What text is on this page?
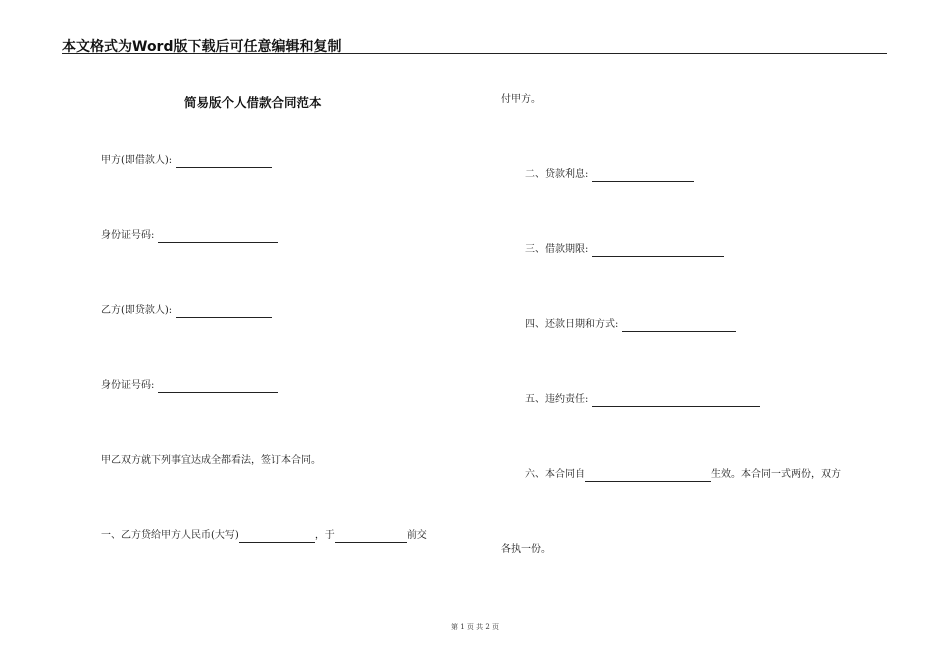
本文格式为Word版下载后可任意编辑和复制
简易版个人借款合同范本
甲方(即借款人):
身份证号码:
乙方(即贷款人):
身份证号码:
甲乙双方就下列事宜达成全都看法，签订本合同。
一、乙方贷给甲方人民币(大写)	，于	前交
付甲方。
二、贷款利息:
三、借款期限:
四、还款日期和方式:
五、违约责任:
六、本合同自	生效。本合同一式两份，双方
各执一份。
第 1 页 共 2 页
